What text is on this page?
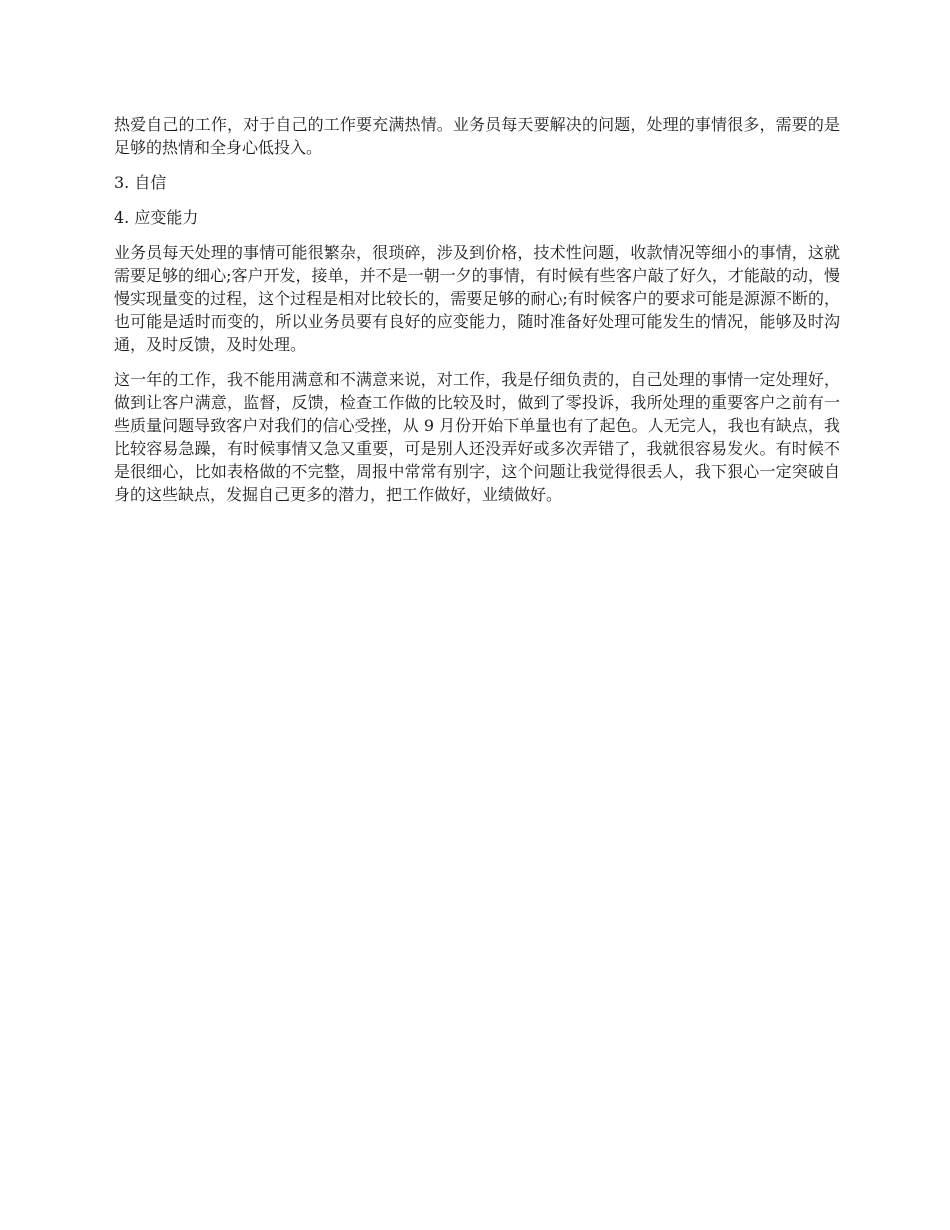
热爱自己的工作，对于自己的工作要充满热情。业务员每天要解决的问题，处理的事情很多，需要的是足够的热情和全身心低投入。

3. 自信

4. 应变能力

业务员每天处理的事情可能很繁杂，很琐碎，涉及到价格，技术性问题，收款情况等细小的事情，这就需要足够的细心;客户开发，接单，并不是一朝一夕的事情，有时候有些客户敲了好久，才能敲的动，慢慢实现量变的过程，这个过程是相对比较长的，需要足够的耐心;有时候客户的要求可能是源源不断的，也可能是适时而变的，所以业务员要有良好的应变能力，随时准备好处理可能发生的情况，能够及时沟通，及时反馈，及时处理。

这一年的工作，我不能用满意和不满意来说，对工作，我是仔细负责的，自己处理的事情一定处理好，做到让客户满意，监督，反馈，检查工作做的比较及时，做到了零投诉，我所处理的重要客户之前有一些质量问题导致客户对我们的信心受挫，从 9 月份开始下单量也有了起色。人无完人，我也有缺点，我比较容易急躁，有时候事情又急又重要，可是别人还没弄好或多次弄错了，我就很容易发火。有时候不是很细心，比如表格做的不完整，周报中常常有别字，这个问题让我觉得很丢人，我下狠心一定突破自身的这些缺点，发掘自己更多的潜力，把工作做好，业绩做好。
